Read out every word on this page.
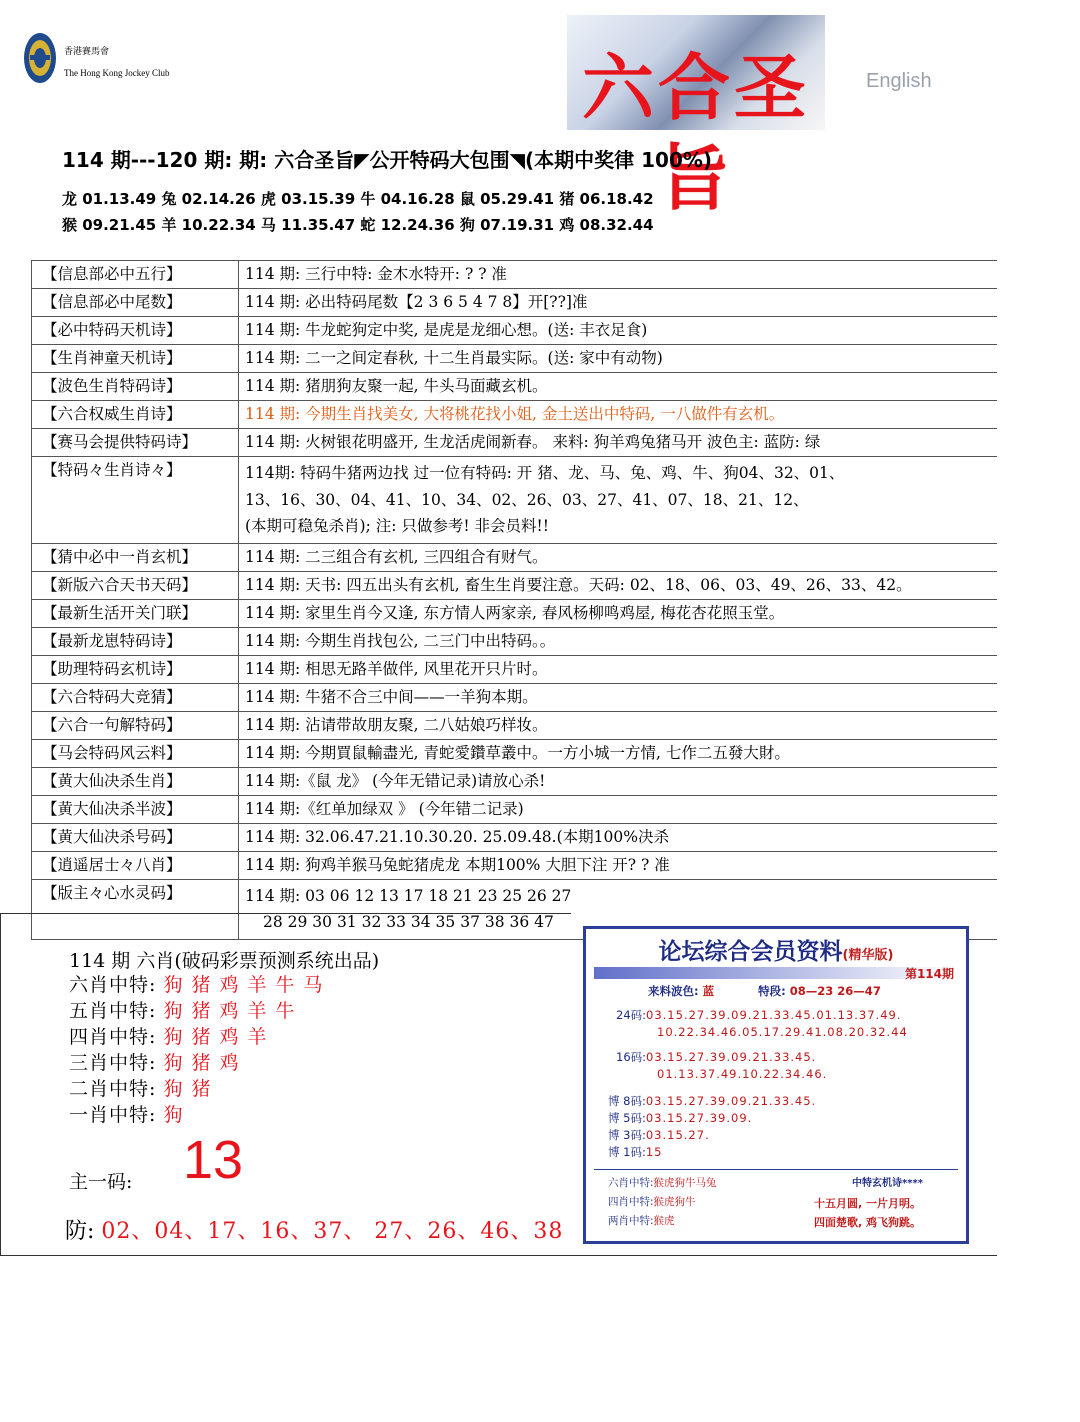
香港賽馬會
The Hong Kong Jockey Club	六合圣旨
English
114 期---120 期: 期: 六合圣旨◤公开特码大包围◥(本期中奖律 100%)
龙 01.13.49 兔 02.14.26 虎 03.15.39 牛 04.16.28 鼠 05.29.41 猪 06.18.42
猴 09.21.45 羊 10.22.34 马 11.35.47 蛇 12.24.36 狗 07.19.31 鸡 08.32.44
【信息部必中五行】	114 期: 三行中特: 金木水特开: ? ? 准
【信息部必中尾数】	114 期: 必出特码尾数【2 3 6 5 4 7 8】开[??]准
【必中特码天机诗】	114 期: 牛龙蛇狗定中奖, 是虎是龙细心想。(送: 丰衣足食)
【生肖神童天机诗】	114 期: 二一之间定春秋, 十二生肖最实际。(送: 家中有动物)
【波色生肖特码诗】	114 期: 猪朋狗友聚一起, 牛头马面藏玄机。
【六合权威生肖诗】	114 期: 今期生肖找美女, 大将桃花找小姐, 金土送出中特码, 一八做件有玄机。
【赛马会提供特码诗】	114 期: 火树银花明盛开, 生龙活虎闹新春。 来料: 狗羊鸡兔猪马开 波色主: 蓝防: 绿
【特码々生肖诗々】	114期: 特码牛猪两边找 过一位有特码: 开 猪、龙、马、兔、鸡、牛、狗04、32、01、
13、16、30、04、41、10、34、02、26、03、27、41、07、18、21、12、
(本期可稳兔杀肖); 注: 只做参考! 非会员料!!

【猜中必中一肖玄机】	114 期: 二三组合有玄机, 三四组合有财气。
【新版六合天书天码】	114 期: 天书: 四五出头有玄机, 畜生生肖要注意。天码: 02、18、06、03、49、26、33、42。
【最新生活开关门联】	114 期: 家里生肖今又逢, 东方情人两家亲, 春风杨柳鸣鸡屋, 梅花杏花照玉堂。
【最新龙崽特码诗】	114 期: 今期生肖找包公, 二三门中出特码。。
【助理特码玄机诗】	114 期: 相思无路羊做伴, 风里花开只片时。
【六合特码大竞猜】	114 期: 牛猪不合三中间——一羊狗本期。
【六合一句解特码】	114 期: 沾请带故朋友聚, 二八姑娘巧样妆。
【马会特码风云料】	114 期: 今期買鼠輸盡光, 青蛇愛鑽草叢中。一方小城一方情, 七作二五發大財。
【黄大仙决杀生肖】	114 期:《鼠 龙》 (今年无错记录)请放心杀!
【黄大仙决杀半波】	114 期:《红单加绿双 》 (今年错二记录)
【黄大仙决杀号码】	114 期: 32.06.47.21.10.30.20. 25.09.48.(本期100%决杀
【逍遥居士々八肖】	114 期: 狗鸡羊猴马兔蛇猪虎龙 本期100% 大胆下注 开? ? 准
【版主々心水灵码】	114 期: 03 06 12 13 17 18 21 23 25 26 27
28 29 30 31 32 33 34 35 37 38 36 47
114 期 六肖(破码彩票预测系统出品)
六肖中特: 狗猪鸡羊牛马
五肖中特: 狗猪鸡羊牛
四肖中特: 狗猪鸡羊
三肖中特: 狗猪鸡
二肖中特: 狗猪
一肖中特: 狗
主一码: 13
防: 02、04、17、16、37、 27、26、46、38
论坛综合会员资料(精华版)
第114期
来料波色: 蓝	特段: 08—23 26—47
24码:03.15.27.39.09.21.33.45.01.13.37.49.
10.22.34.46.05.17.29.41.08.20.32.44
16码:03.15.27.39.09.21.33.45.
01.13.37.49.10.22.34.46.
博 8码:03.15.27.39.09.21.33.45.
博 5码:03.15.27.39.09.
博 3码:03.15.27.
博 1码:15
六肖中特:猴虎狗牛马兔
四肖中特:猴虎狗牛
两肖中特:猴虎
中特玄机诗****
十五月圆, 一片月明。
四面楚歌, 鸡飞狗跳。
